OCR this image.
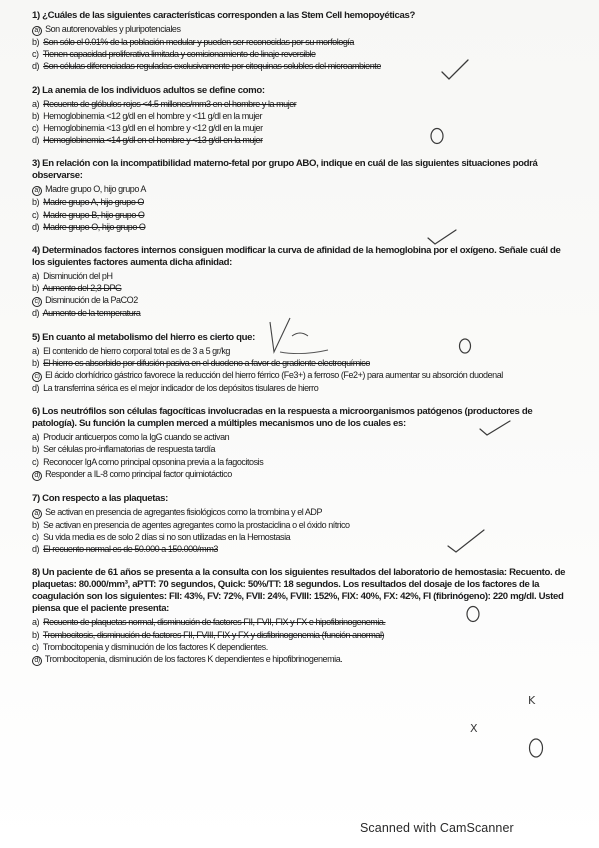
1) ¿Cuáles de las siguientes características corresponden a las Stem Cell hemopoyéticas?
a) Son autorenovables y pluripotenciales
b) Son sólo el 0.01% de la población medular y pueden ser reconocidas por su morfología
c) Tienen capacidad proliferativa limitada y comisionamiento de linaje reversible
d) Son células diferenciadas reguladas exclusivamente por citoquinas solubles del microambiente
2) La anemia de los individuos adultos se define como:
a) Recuento de glóbulos rojos <4.5 millones/mm3 en el hombre y la mujer
b) Hemoglobinemia <12 g/dl en el hombre y <11 g/dl en la mujer
c) Hemoglobinemia <13 g/dl en el hombre y <12 g/dl en la mujer
d) Hemoglobinemia <14 g/dl en el hombre y <13 g/dl en la mujer
3) En relación con la incompatibilidad materno-fetal por grupo ABO, indique en cuál de las siguientes situaciones podrá observarse:
a) Madre grupo O, hijo grupo A
b) Madre grupo A, hijo grupo O
c) Madre grupo B, hijo grupo O
d) Madre grupo O, hijo grupo O
4) Determinados factores internos consiguen modificar la curva de afinidad de la hemoglobina por el oxígeno. Señale cuál de los siguientes factores aumenta dicha afinidad:
a) Disminución del pH
b) Aumento del 2,3 DPG
c) Disminución de la PaCO2
d) Aumento de la temperatura
5) En cuanto al metabolismo del hierro es cierto que:
a) El contenido de hierro corporal total es de 3 a 5 gr/kg
b) El hierro es absorbido por difusión pasiva en el duodeno a favor de gradiente electroquímico
c) El ácido clorhídrico gástrico favorece la reducción del hierro férrico (Fe3+) a ferroso (Fe2+) para aumentar su absorción duodenal
d) La transferrina sérica es el mejor indicador de los depósitos tisulares de hierro
6) Los neutrófilos son células fagocíticas involucradas en la respuesta a microorganismos patógenos (productores de patología). Su función la cumplen merced a múltiples mecanismos uno de los cuales es:
a) Producir anticuerpos como la IgG cuando se activan
b) Ser células pro-inflamatorias de respuesta tardía
c) Reconocer IgA como principal opsonina previa a la fagocitosis
d) Responder a IL-8 como principal factor quimiotáctico
7) Con respecto a las plaquetas:
a) Se activan en presencia de agregantes fisiológicos como la trombina y el ADP
b) Se activan en presencia de agentes agregantes como la prostaciclina o el óxido nítrico
c) Su vida media es de solo 2 días si no son utilizadas en la Hemostasia
d) El recuento normal es de 50.000 a 150.000/mm3
8) Un paciente de 61 años se presenta a la consulta con los siguientes resultados del laboratorio de hemostasia: Recuento. de plaquetas: 80.000/mm³, aPTT: 70 segundos, Quick: 50%/TT: 18 segundos. Los resultados del dosaje de los factores de la coagulación son los siguientes: FII: 43%, FV: 72%, FVII: 24%, FVIII: 152%, FIX: 40%, FX: 42%, FI (fibrinógeno): 220 mg/dl. Usted piensa que el paciente presenta:
a) Recuento de plaquetas normal, disminución de factores FII, FVII, FIX y FX e hipofibrinogenemia.
b) Trombocitosis, disminución de factores FII, FVIII, FIX y FX y disfibrinogenemia (función anormal)
c) Trombocitopenia y disminución de los factores K dependientes.
d) Trombocitopenia, disminución de los factores K dependientes e hipofibrinogenemia.
K
X
Scanned with CamScanner
